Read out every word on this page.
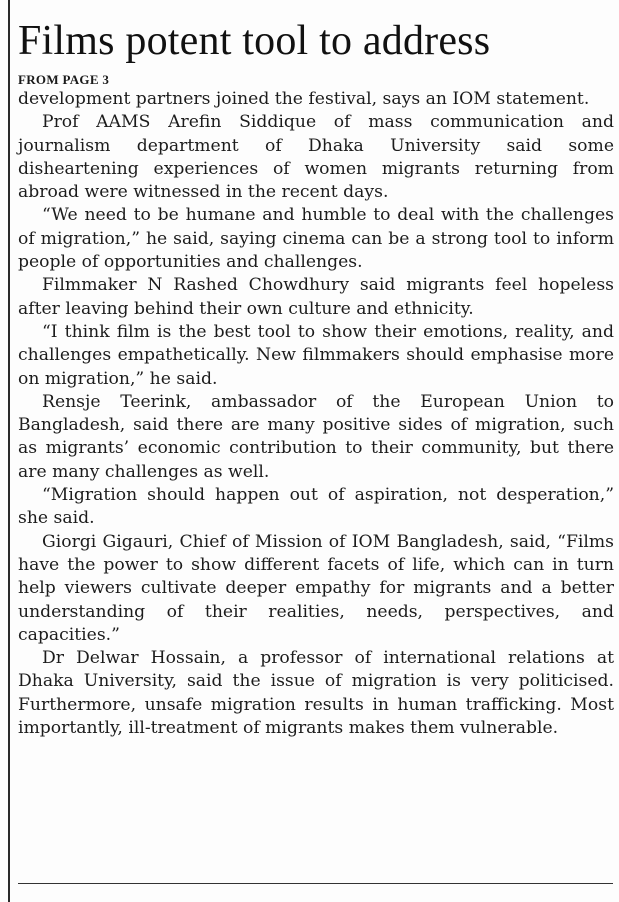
Films potent tool to address
FROM PAGE 3

development partners joined the festival, says an IOM statement.

Prof AAMS Arefin Siddique of mass communication and journalism department of Dhaka University said some disheartening experiences of women migrants returning from abroad were witnessed in the recent days.

“We need to be humane and humble to deal with the challenges of migration,” he said, saying cinema can be a strong tool to inform people of opportunities and challenges.

Filmmaker N Rashed Chowdhury said migrants feel hopeless after leaving behind their own culture and ethnicity.

“I think film is the best tool to show their emotions, reality, and challenges empathetically. New filmmakers should emphasise more on migration,” he said.

Rensje Teerink, ambassador of the European Union to Bangladesh, said there are many positive sides of migration, such as migrants’ economic contribution to their community, but there are many challenges as well.

“Migration should happen out of aspiration, not desperation,” she said.

Giorgi Gigauri, Chief of Mission of IOM Bangladesh, said, “Films have the power to show different facets of life, which can in turn help viewers cultivate deeper empathy for migrants and a better understanding of their realities, needs, perspectives, and capacities.”

Dr Delwar Hossain, a professor of international relations at Dhaka University, said the issue of migration is very politicised. Furthermore, unsafe migration results in human trafficking. Most importantly, ill-treatment of migrants makes them vulnerable.
